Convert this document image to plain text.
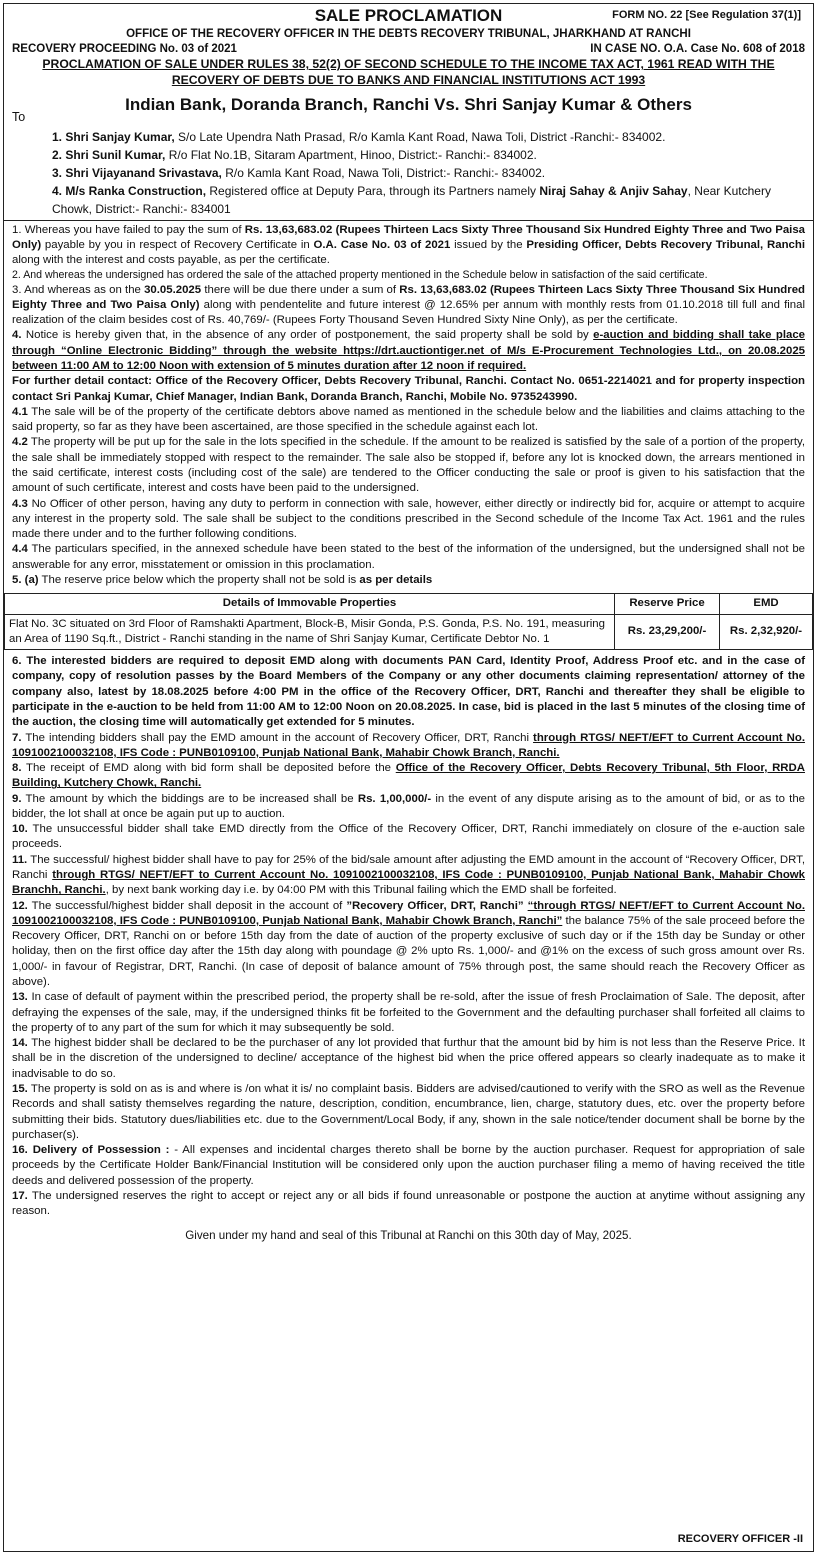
SALE PROCLAMATION	FORM NO. 22 [See Regulation 37(1)]
OFFICE OF THE RECOVERY OFFICER IN THE DEBTS RECOVERY TRIBUNAL, JHARKHAND AT RANCHI
RECOVERY PROCEEDING No. 03 of 2021	IN CASE NO. O.A. Case No. 608 of 2018
PROCLAMATION OF SALE UNDER RULES 38, 52(2) OF SECOND SCHEDULE TO THE INCOME TAX ACT, 1961 READ WITH THE RECOVERY OF DEBTS DUE TO BANKS AND FINANCIAL INSTITUTIONS ACT 1993
Indian Bank, Doranda Branch, Ranchi Vs. Shri Sanjay Kumar & Others
To
1. Shri Sanjay Kumar, S/o Late Upendra Nath Prasad, R/o Kamla Kant Road, Nawa Toli, District -Ranchi:- 834002.
2. Shri Sunil Kumar, R/o Flat No.1B, Sitaram Apartment, Hinoo, District:- Ranchi:- 834002.
3. Shri Vijayanand Srivastava, R/o Kamla Kant Road, Nawa Toli, District:- Ranchi:- 834002.
4. M/s Ranka Construction, Registered office at Deputy Para, through its Partners namely Niraj Sahay & Anjiv Sahay, Near Kutchery Chowk, District:- Ranchi:- 834001

1. Whereas you have failed to pay the sum of Rs. 13,63,683.02 (Rupees Thirteen Lacs Sixty Three Thousand Six Hundred Eighty Three and Two Paisa Only) payable by you in respect of Recovery Certificate in O.A. Case No. 03 of 2021 issued by the Presiding Officer, Debts Recovery Tribunal, Ranchi along with the interest and costs payable, as per the certificate.

2. And whereas the undersigned has ordered the sale of the attached property mentioned in the Schedule below in satisfaction of the said certificate.

3. And whereas as on the 30.05.2025 there will be due there under a sum of Rs. 13,63,683.02 (Rupees Thirteen Lacs Sixty Three Thousand Six Hundred Eighty Three and Two Paisa Only) along with pendentelite and future interest @ 12.65% per annum with monthly rests from 01.10.2018 till full and final realization of the claim besides cost of Rs. 40,769/- (Rupees Forty Thousand Seven Hundred Sixty Nine Only), as per the certificate.

4. Notice is hereby given that, in the absence of any order of postponement, the said property shall be sold by e-auction and bidding shall take place through “Online Electronic Bidding” through the website https://drt.auctiontiger.net of M/s E-Procurement Technologies Ltd., on 20.08.2025 between 11:00 AM to 12:00 Noon with extension of 5 minutes duration after 12 noon if required.

For further detail contact: Office of the Recovery Officer, Debts Recovery Tribunal, Ranchi. Contact No. 0651-2214021 and for property inspection contact Sri Pankaj Kumar, Chief Manager, Indian Bank, Doranda Branch, Ranchi, Mobile No. 9735243990.

4.1 The sale will be of the property of the certificate debtors above named as mentioned in the schedule below and the liabilities and claims attaching to the said property, so far as they have been ascertained, are those specified in the schedule against each lot.

4.2 The property will be put up for the sale in the lots specified in the schedule. If the amount to be realized is satisfied by the sale of a portion of the property, the sale shall be immediately stopped with respect to the remainder. The sale also be stopped if, before any lot is knocked down, the arrears mentioned in the said certificate, interest costs (including cost of the sale) are tendered to the Officer conducting the sale or proof is given to his satisfaction that the amount of such certificate, interest and costs have been paid to the undersigned.

4.3 No Officer of other person, having any duty to perform in connection with sale, however, either directly or indirectly bid for, acquire or attempt to acquire any interest in the property sold. The sale shall be subject to the conditions prescribed in the Second schedule of the Income Tax Act. 1961 and the rules made there under and to the further following conditions.

4.4 The particulars specified, in the annexed schedule have been stated to the best of the information of the undersigned, but the undersigned shall not be answerable for any error, misstatement or omission in this proclamation.

5. (a) The reserve price below which the property shall not be sold is as per details

Details of Immovable Properties	Reserve Price	EMD
Flat No. 3C situated on 3rd Floor of Ramshakti Apartment, Block-B, Misir Gonda, P.S. Gonda, P.S. No. 191, measuring an Area of 1190 Sq.ft., District - Ranchi standing in the name of Shri Sanjay Kumar, Certificate Debtor No. 1	Rs. 23,29,200/-	Rs. 2,32,920/-

6. The interested bidders are required to deposit EMD along with documents PAN Card, Identity Proof, Address Proof etc. and in the case of company, copy of resolution passes by the Board Members of the Company or any other documents claiming representation/ attorney of the company also, latest by 18.08.2025 before 4:00 PM in the office of the Recovery Officer, DRT, Ranchi and thereafter they shall be eligible to participate in the e-auction to be held from 11:00 AM to 12:00 Noon on 20.08.2025. In case, bid is placed in the last 5 minutes of the closing time of the auction, the closing time will automatically get extended for 5 minutes.

7. The intending bidders shall pay the EMD amount in the account of Recovery Officer, DRT, Ranchi through RTGS/ NEFT/EFT to Current Account No. 1091002100032108, IFS Code : PUNB0109100, Punjab National Bank, Mahabir Chowk Branch, Ranchi.

8. The receipt of EMD along with bid form shall be deposited before the Office of the Recovery Officer, Debts Recovery Tribunal, 5th Floor, RRDA Building, Kutchery Chowk, Ranchi.

9. The amount by which the biddings are to be increased shall be Rs. 1,00,000/- in the event of any dispute arising as to the amount of bid, or as to the bidder, the lot shall at once be again put up to auction.

10. The unsuccessful bidder shall take EMD directly from the Office of the Recovery Officer, DRT, Ranchi immediately on closure of the e-auction sale proceeds.

11. The successful/ highest bidder shall have to pay for 25% of the bid/sale amount after adjusting the EMD amount in the account of “Recovery Officer, DRT, Ranchi through RTGS/ NEFT/EFT to Current Account No. 1091002100032108, IFS Code : PUNB0109100, Punjab National Bank, Mahabir Chowk Branchh, Ranchi., by next bank working day i.e. by 04:00 PM with this Tribunal failing which the EMD shall be forfeited.

12. The successful/highest bidder shall deposit in the account of ”Recovery Officer, DRT, Ranchi” “through RTGS/ NEFT/EFT to Current Account No. 1091002100032108, IFS Code : PUNB0109100, Punjab National Bank, Mahabir Chowk Branch, Ranchi” the balance 75% of the sale proceed before the Recovery Officer, DRT, Ranchi on or before 15th day from the date of auction of the property exclusive of such day or if the 15th day be Sunday or other holiday, then on the first office day after the 15th day along with poundage @ 2% upto Rs. 1,000/- and @1% on the excess of such gross amount over Rs. 1,000/- in favour of Registrar, DRT, Ranchi. (In case of deposit of balance amount of 75% through post, the same should reach the Recovery Officer as above).

13. In case of default of payment within the prescribed period, the property shall be re-sold, after the issue of fresh Proclaimation of Sale. The deposit, after defraying the expenses of the sale, may, if the undersigned thinks fit be forfeited to the Government and the defaulting purchaser shall forfeited all claims to the property of to any part of the sum for which it may subsequently be sold.

14. The highest bidder shall be declared to be the purchaser of any lot provided that furthur that the amount bid by him is not less than the Reserve Price. It shall be in the discretion of the undersigned to decline/ acceptance of the highest bid when the price offered appears so clearly inadequate as to make it inadvisable to do so.

15. The property is sold on as is and where is /on what it is/ no complaint basis. Bidders are advised/cautioned to verify with the SRO as well as the Revenue Records and shall satisty themselves regarding the nature, description, condition, encumbrance, lien, charge, statutory dues, etc. over the property before submitting their bids. Statutory dues/liabilities etc. due to the Government/Local Body, if any, shown in the sale notice/tender document shall be borne by the purchaser(s).

16. Delivery of Possession : - All expenses and incidental charges thereto shall be borne by the auction purchaser. Request for appropriation of sale proceeds by the Certificate Holder Bank/Financial Institution will be considered only upon the auction purchaser filing a memo of having received the title deeds and delivered possession of the property.

17. The undersigned reserves the right to accept or reject any or all bids if found unreasonable or postpone the auction at anytime without assigning any reason.

Given under my hand and seal of this Tribunal at Ranchi on this 30th day of May, 2025.
RECOVERY OFFICER -II
